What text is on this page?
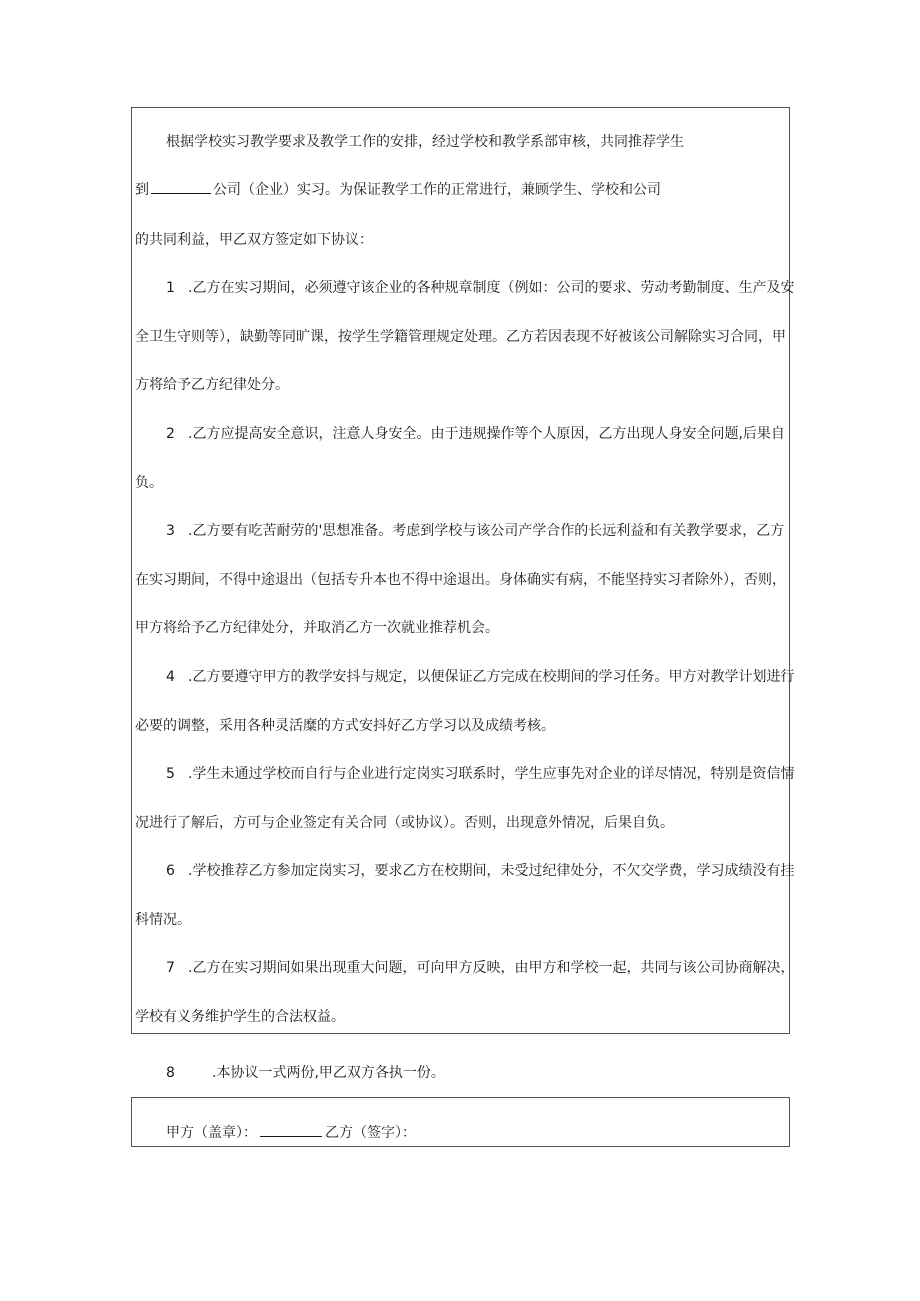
根据学校实习教学要求及教学工作的安排，经过学校和教学系部审核，共同推荐学生
到	公司（企业）实习。为保证教学工作的正常进行，兼顾学生、学校和公司
的共同利益，甲乙双方签定如下协议：
1 .乙方在实习期间，必须遵守该企业的各种规章制度（例如：公司的要求、劳动考勤制度、生产及安
全卫生守则等），缺勤等同旷课，按学生学籍管理规定处理。乙方若因表现不好被该公司解除实习合同，甲
方将给予乙方纪律处分。
2 .乙方应提高安全意识，注意人身安全。由于违规操作等个人原因，乙方出现人身安全问题,后果自
负。
3 .乙方要有吃苦耐劳的'思想准备。考虑到学校与该公司产学合作的长远利益和有关教学要求，乙方
在实习期间，不得中途退出（包括专升本也不得中途退出。身体确实有病，不能坚持实习者除外），否则，
甲方将给予乙方纪律处分，并取消乙方一次就业推荐机会。
4 .乙方要遵守甲方的教学安抖与规定，以便保证乙方完成在校期间的学习任务。甲方对教学计划进行
必要的调整，采用各种灵活糜的方式安抖好乙方学习以及成绩考核。
5 .学生未通过学校而自行与企业进行定岗实习联系时，学生应事先对企业的详尽情况，特别是资信情
况进行了解后，方可与企业签定有关合同（或协议）。否则，出现意外情况，后果自负。
6 .学校推荐乙方参加定岗实习，要求乙方在校期间，未受过纪律处分，不欠交学费，学习成绩没有挂
科情况。
7 .乙方在实习期间如果出现重大问题，可向甲方反映，由甲方和学校一起，共同与该公司协商解决，
学校有义务维护学生的合法权益。
8	.本协议一式两份,甲乙双方各执一份。
甲方（盖章）：	乙方（签字）：
